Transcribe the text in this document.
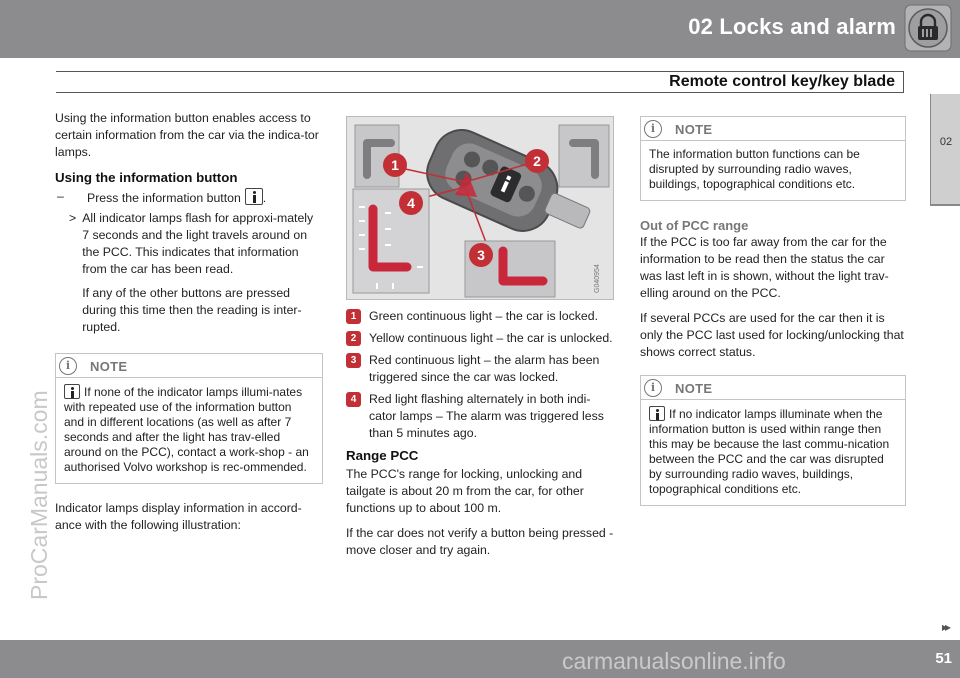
02 Locks and alarm
Remote control key/key blade
02
ProCarManuals.com

Using the information button enables access to certain information from the car via the indica-tor lamps.

Using the information button
–	Press the information button .
> All indicator lamps flash for approxi-mately 7 seconds and the light travels around on the PCC. This indicates that information from the car has been read.

If any of the other buttons are pressed during this time then the reading is inter-rupted.

i	NOTE
If none of the indicator lamps illumi-nates with repeated use of the information button and in different locations (as well as after 7 seconds and after the light has trav-elled around on the PCC), contact a work-shop - an authorised Volvo workshop is rec-ommended.

Indicator lamps display information in accord-ance with the following illustration:

1	2
3
4
G040954
1	Green continuous light – the car is locked.
2	Yellow continuous light – the car is unlocked.
3	Red continuous light – the alarm has been triggered since the car was locked.
4	Red light flashing alternately in both indi-cator lamps – The alarm was triggered less than 5 minutes ago.
Range PCC

The PCC's range for locking, unlocking and tailgate is about 20 m from the car, for other functions up to about 100 m.

If the car does not verify a button being pressed - move closer and try again.

i	NOTE
The information button functions can be disrupted by surrounding radio waves, buildings, topographical conditions etc.
Out of PCC range

If the PCC is too far away from the car for the information to be read then the status the car was last left in is shown, without the light trav-elling around on the PCC.

If several PCCs are used for the car then it is only the PCC last used for locking/unlocking that shows correct status.

i	NOTE
If no indicator lamps illuminate when the information button is used within range then this may be because the last commu-nication between the PCC and the car was disrupted by surrounding radio waves, buildings, topographical conditions etc.
▸▸
carmanualsonline.info	51
